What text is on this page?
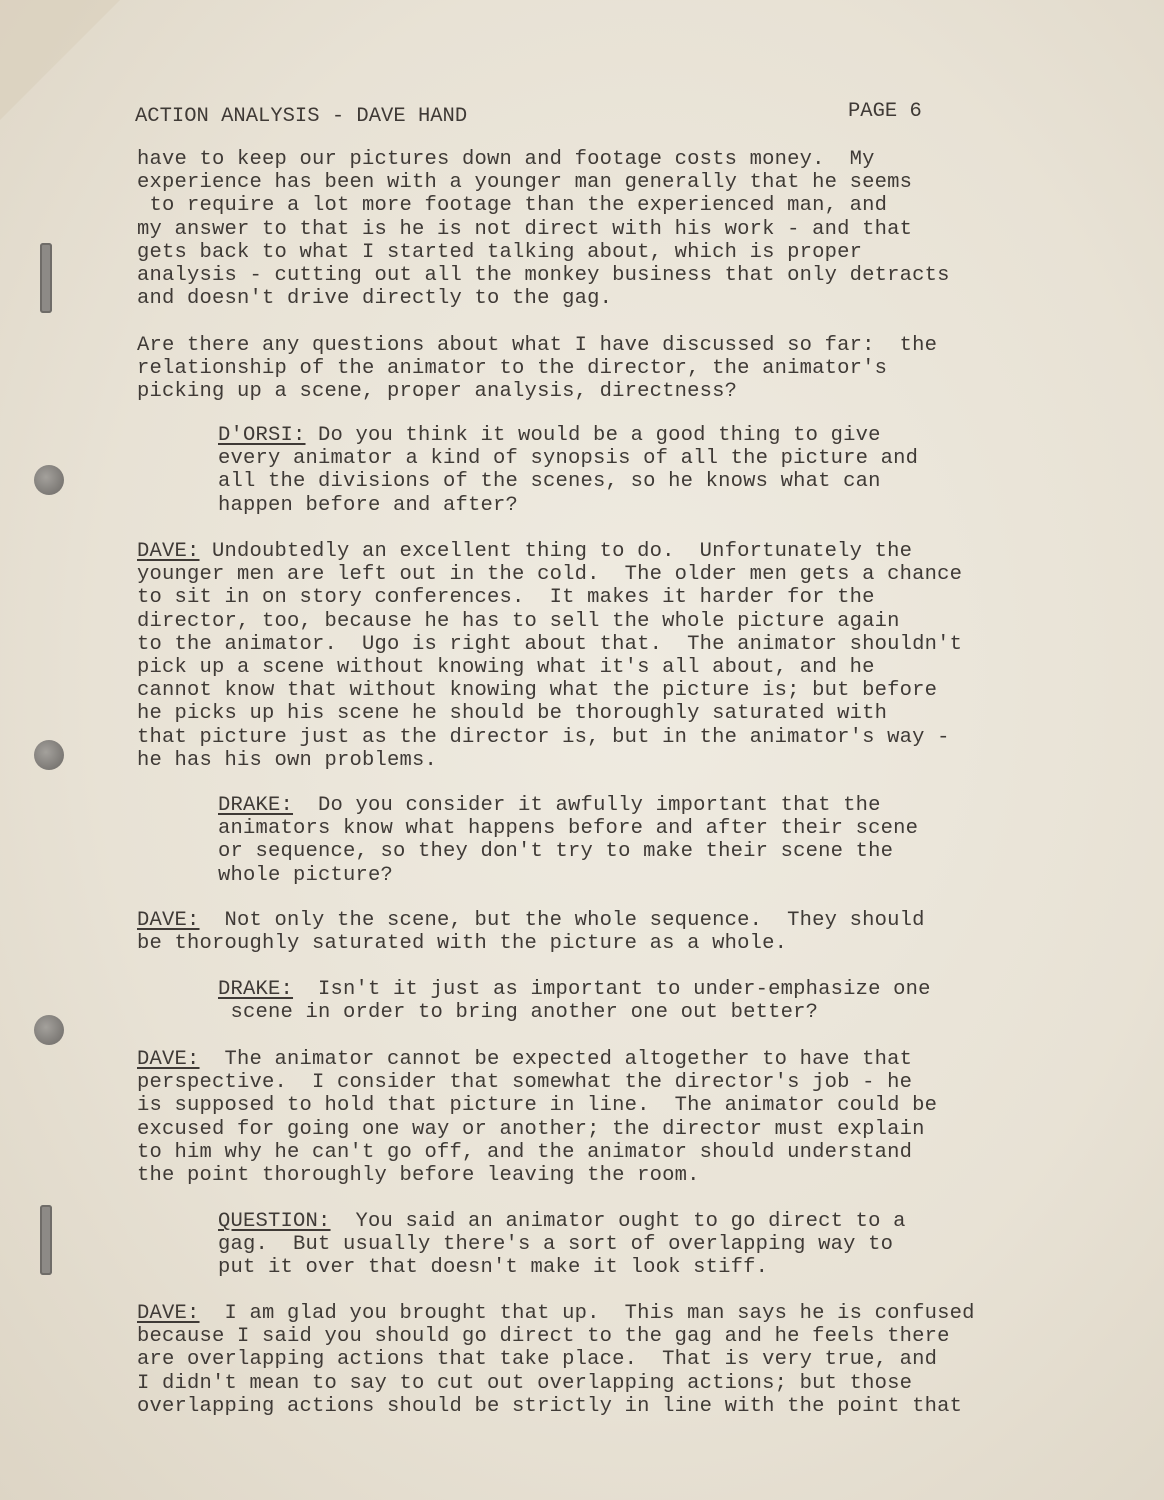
ACTION ANALYSIS - DAVE HAND	PAGE 6

have to keep our pictures down and footage costs money.  My
experience has been with a younger man generally that he seems
to require a lot more footage than the experienced man, and
my answer to that is he is not direct with his work - and that
gets back to what I started talking about, which is proper
analysis - cutting out all the monkey business that only detracts
and doesn't drive directly to the gag.

Are there any questions about what I have discussed so far:  the
relationship of the animator to the director, the animator's
picking up a scene, proper analysis, directness?

D'ORSI: Do you think it would be a good thing to give
every animator a kind of synopsis of all the picture and
all the divisions of the scenes, so he knows what can
happen before and after?

DAVE: Undoubtedly an excellent thing to do.  Unfortunately the
younger men are left out in the cold.  The older men gets a chance
to sit in on story conferences.  It makes it harder for the
director, too, because he has to sell the whole picture again
to the animator.  Ugo is right about that.  The animator shouldn't
pick up a scene without knowing what it's all about, and he
cannot know that without knowing what the picture is; but before
he picks up his scene he should be thoroughly saturated with
that picture just as the director is, but in the animator's way -
he has his own problems.

DRAKE:  Do you consider it awfully important that the
animators know what happens before and after their scene
or sequence, so they don't try to make their scene the
whole picture?

DAVE:  Not only the scene, but the whole sequence.  They should
be thoroughly saturated with the picture as a whole.

DRAKE:  Isn't it just as important to under-emphasize one
scene in order to bring another one out better?

DAVE:  The animator cannot be expected altogether to have that
perspective.  I consider that somewhat the director's job - he
is supposed to hold that picture in line.  The animator could be
excused for going one way or another; the director must explain
to him why he can't go off, and the animator should understand
the point thoroughly before leaving the room.

QUESTION:  You said an animator ought to go direct to a
gag.  But usually there's a sort of overlapping way to
put it over that doesn't make it look stiff.

DAVE:  I am glad you brought that up.  This man says he is confused
because I said you should go direct to the gag and he feels there
are overlapping actions that take place.  That is very true, and
I didn't mean to say to cut out overlapping actions; but those
overlapping actions should be strictly in line with the point that
